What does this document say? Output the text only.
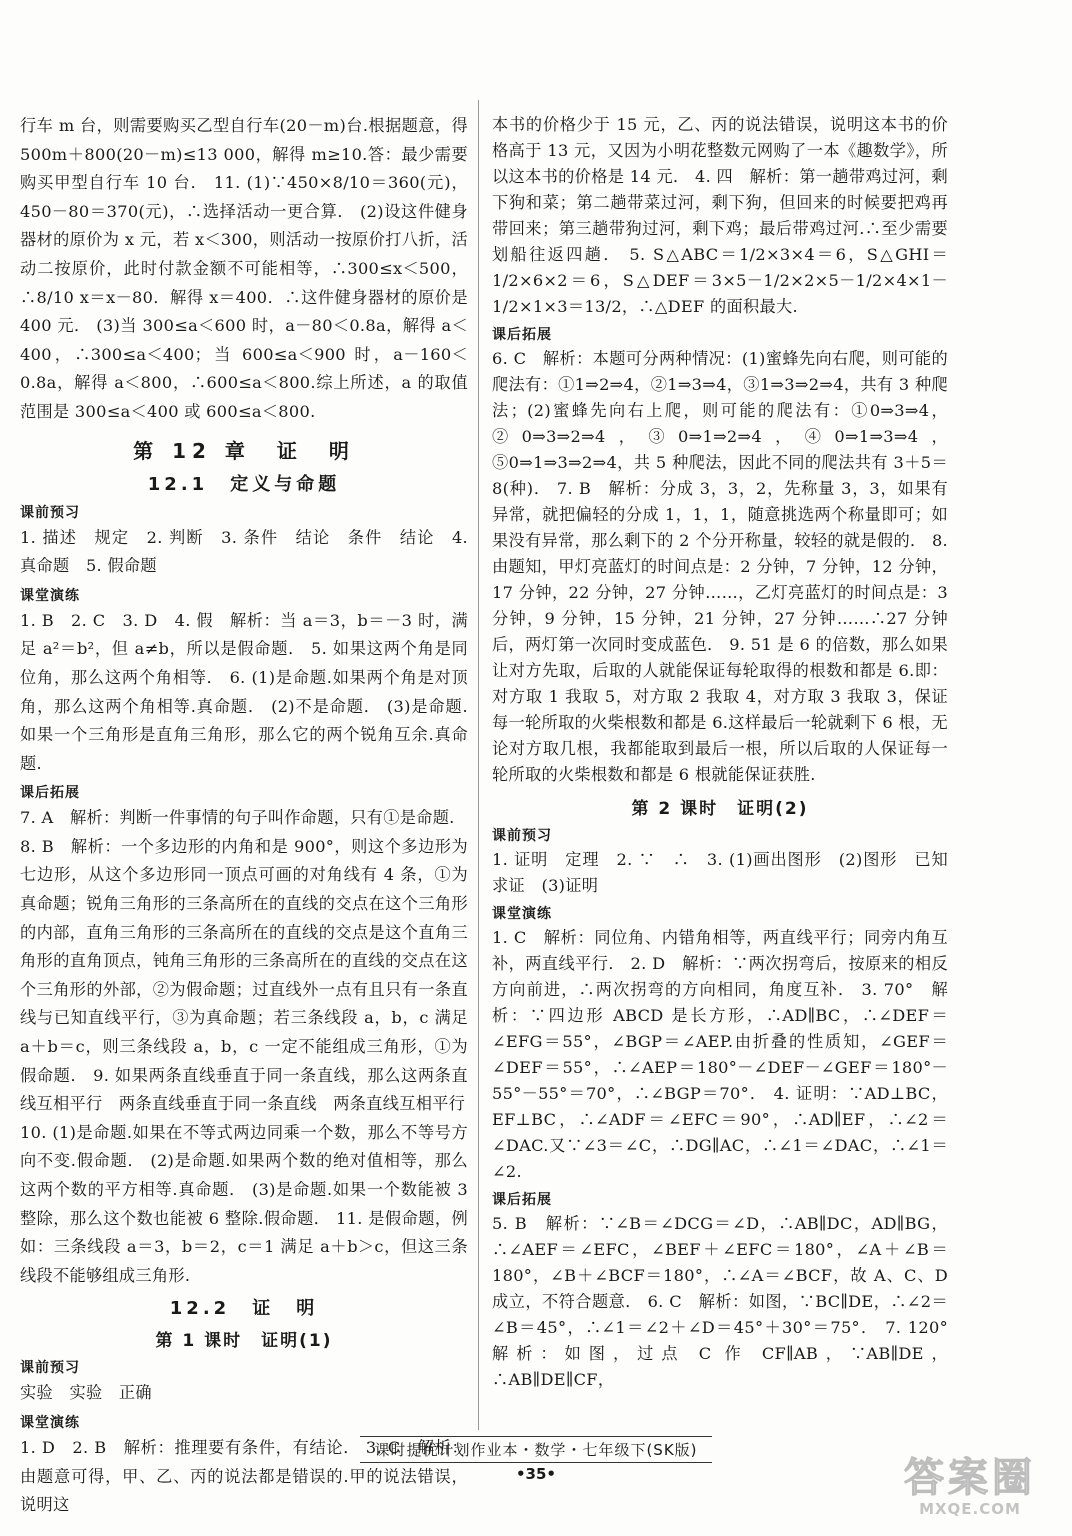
行车 m 台，则需要购买乙型自行车(20－m)台.根据题意，得 500m＋800(20－m)≤13 000，解得 m≥10.答：最少需要购买甲型自行车 10 台． 11. (1)∵450×8/10＝360(元)，450－80＝370(元)，∴选择活动一更合算． (2)设这件健身器材的原价为 x 元，若 x＜300，则活动一按原价打八折，活动二按原价，此时付款金额不可能相等，∴300≤x＜500，∴8/10 x＝x－80．解得 x＝400．∴这件健身器材的原价是 400 元． (3)当 300≤a＜600 时，a－80＜0.8a，解得 a＜400，∴300≤a＜400；当 600≤a＜900 时，a－160＜0.8a，解得 a＜800，∴600≤a＜800.综上所述，a 的取值范围是 300≤a＜400 或 600≤a＜800.

第 12 章　证　明
12.1　定义与命题
课前预习

1. 描述　规定　2. 判断　3. 条件　结论　条件　结论　4. 真命题　5. 假命题

课堂演练

1. B　2. C　3. D　4. 假　解析：当 a＝3，b＝－3 时，满足 a²＝b²，但 a≠b，所以是假命题． 5. 如果这两个角是同位角，那么这两个角相等． 6. (1)是命题.如果两个角是对顶角，那么这两个角相等.真命题． (2)不是命题． (3)是命题.如果一个三角形是直角三角形，那么它的两个锐角互余.真命题.

课后拓展

7. A　解析：判断一件事情的句子叫作命题，只有①是命题.

8. B　解析：一个多边形的内角和是 900°，则这个多边形为七边形，从这个多边形同一顶点可画的对角线有 4 条，①为真命题；锐角三角形的三条高所在的直线的交点在这个三角形的内部，直角三角形的三条高所在的直线的交点是这个直角三角形的直角顶点，钝角三角形的三条高所在的直线的交点在这个三角形的外部，②为假命题；过直线外一点有且只有一条直线与已知直线平行，③为真命题；若三条线段 a，b，c 满足 a＋b＝c，则三条线段 a，b，c 一定不能组成三角形，①为假命题． 9. 如果两条直线垂直于同一条直线，那么这两条直线互相平行　两条直线垂直于同一条直线　两条直线互相平行

10. (1)是命题.如果在不等式两边同乘一个数，那么不等号方向不变.假命题． (2)是命题.如果两个数的绝对值相等，那么这两个数的平方相等.真命题． (3)是命题.如果一个数能被 3 整除，那么这个数也能被 6 整除.假命题． 11. 是假命题，例如：三条线段 a＝3，b＝2，c＝1 满足 a＋b＞c，但这三条线段不能够组成三角形.

12.2　证　明
第 1 课时　证明(1)
课前预习

实验　实验　正确

课堂演练

1. D　2. B　解析：推理要有条件，有结论． 3. C　解析：由题意可得，甲、乙、丙的说法都是错误的.甲的说法错误，说明这

本书的价格少于 15 元，乙、丙的说法错误，说明这本书的价格高于 13 元，又因为小明花整数元网购了一本《趣数学》，所以这本书的价格是 14 元． 4. 四　解析：第一趟带鸡过河，剩下狗和菜；第二趟带菜过河，剩下狗，但回来的时候要把鸡再带回来；第三趟带狗过河，剩下鸡；最后带鸡过河.∴至少需要划船往返四趟． 5. S△ABC＝1/2×3×4＝6，S△GHI＝1/2×6×2＝6，S△DEF＝3×5－1/2×2×5－1/2×4×1－1/2×1×3＝13/2，∴△DEF 的面积最大.

课后拓展

6. C　解析：本题可分两种情况：(1)蜜蜂先向右爬，则可能的爬法有：①1⇒2⇒4，②1⇒3⇒4，③1⇒3⇒2⇒4，共有 3 种爬法；(2)蜜蜂先向右上爬，则可能的爬法有：①0⇒3⇒4，②0⇒3⇒2⇒4，③0⇒1⇒2⇒4，④0⇒1⇒3⇒4，⑤0⇒1⇒3⇒2⇒4，共 5 种爬法，因此不同的爬法共有 3＋5＝8(种)． 7. B　解析：分成 3，3，2，先称量 3，3，如果有异常，就把偏轻的分成 1，1，1，随意挑选两个称量即可；如果没有异常，那么剩下的 2 个分开称量，较轻的就是假的． 8. 由题知，甲灯亮蓝灯的时间点是：2 分钟，7 分钟，12 分钟，17 分钟，22 分钟，27 分钟……，乙灯亮蓝灯的时间点是：3 分钟，9 分钟，15 分钟，21 分钟，27 分钟……∴27 分钟后，两灯第一次同时变成蓝色． 9. 51 是 6 的倍数，那么如果让对方先取，后取的人就能保证每轮取得的根数和都是 6.即：对方取 1 我取 5，对方取 2 我取 4，对方取 3 我取 3，保证每一轮所取的火柴根数和都是 6.这样最后一轮就剩下 6 根，无论对方取几根，我都能取到最后一根，所以后取的人保证每一轮所取的火柴根数和都是 6 根就能保证获胜.

第 2 课时　证明(2)
课前预习

1. 证明　定理　2. ∵　∴　3. (1)画出图形　(2)图形　已知　求证　(3)证明

课堂演练

1. C　解析：同位角、内错角相等，两直线平行；同旁内角互补，两直线平行． 2. D　解析：∵两次拐弯后，按原来的相反方向前进，∴两次拐弯的方向相同，角度互补． 3. 70°　解析：∵四边形 ABCD 是长方形，∴AD∥BC，∴∠DEF＝∠EFG＝55°，∠BGP＝∠AEP.由折叠的性质知，∠GEF＝∠DEF＝55°，∴∠AEP＝180°－∠DEF－∠GEF＝180°－55°－55°＝70°，∴∠BGP＝70°． 4. 证明：∵AD⊥BC，EF⊥BC，∴∠ADF＝∠EFC＝90°，∴AD∥EF，∴∠2＝∠DAC.又∵∠3＝∠C，∴DG∥AC，∴∠1＝∠DAC，∴∠1＝∠2.

课后拓展

5. B　解析：∵∠B＝∠DCG＝∠D，∴AB∥DC，AD∥BG，∴∠AEF＝∠EFC，∠BEF＋∠EFC＝180°，∠A＋∠B＝180°，∠B＋∠BCF＝180°，∴∠A＝∠BCF，故 A、C、D 成立，不符合题意． 6. C　解析：如图，∵BC∥DE，∴∠2＝∠B＝45°，∴∠1＝∠2＋∠D＝45°＋30°＝75°． 7. 120°　解析：如图，过点 C 作 CF∥AB，∵AB∥DE，∴AB∥DE∥CF，

课时提优计划作业本・数学・七年级下(SK版)
•35•	答案圈
MXQE.COM
